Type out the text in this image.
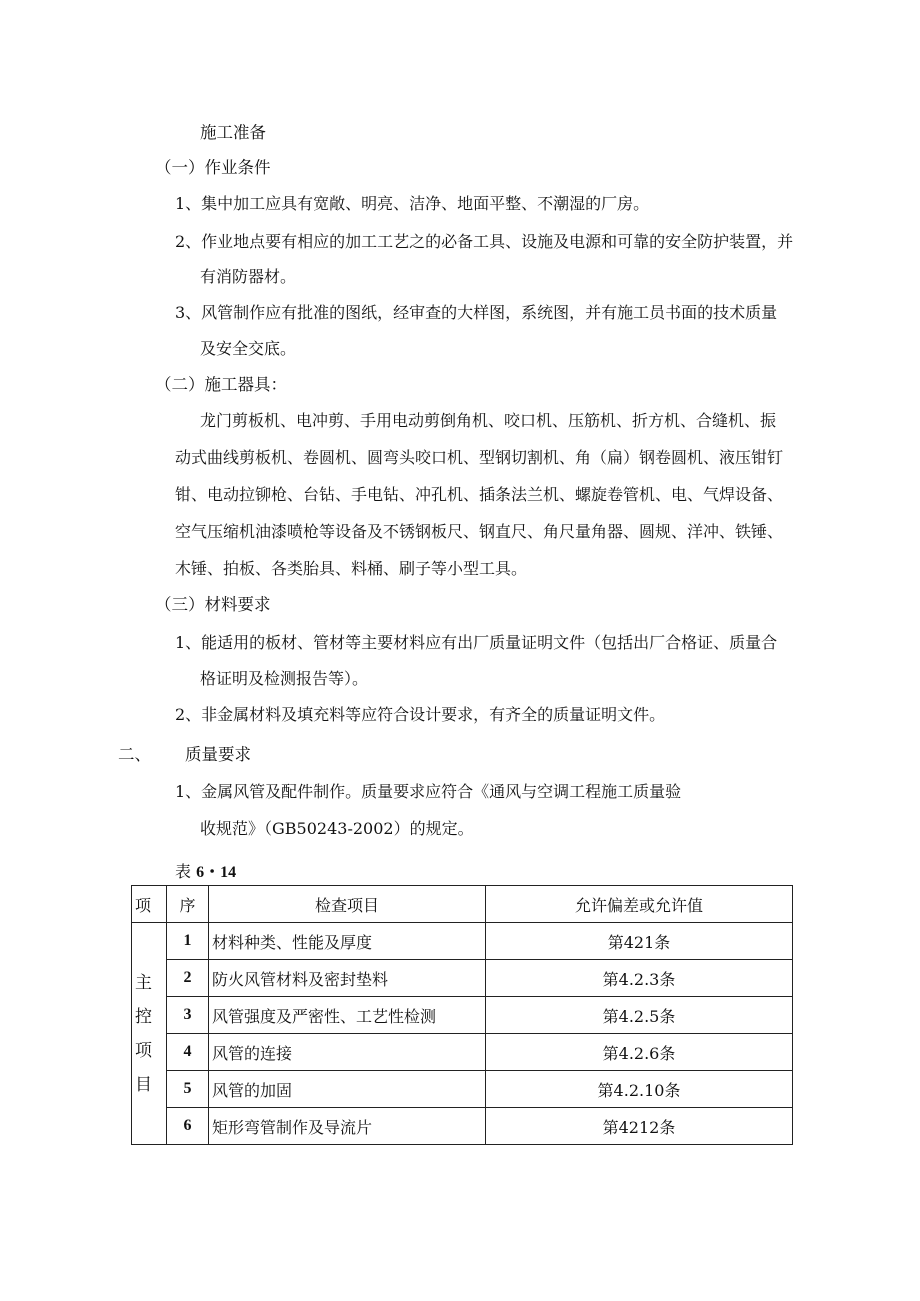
施工准备
（一）作业条件
1、集中加工应具有宽敞、明亮、洁净、地面平整、不潮湿的厂房。
2、作业地点要有相应的加工工艺之的必备工具、设施及电源和可靠的安全防护装置，并
有消防器材。
3、风管制作应有批准的图纸，经审查的大样图，系统图，并有施工员书面的技术质量
及安全交底。
（二）施工器具：
龙门剪板机、电冲剪、手用电动剪倒角机、咬口机、压筋机、折方机、合缝机、振
动式曲线剪板机、卷圆机、圆弯头咬口机、型钢切割机、角（扁）钢卷圆机、液压钳钉
钳、电动拉铆枪、台钻、手电钻、冲孔机、插条法兰机、螺旋卷管机、电、气焊设备、
空气压缩机油漆喷枪等设备及不锈钢板尺、钢直尺、角尺量角器、圆规、洋冲、铁锤、
木锤、拍板、各类胎具、料桶、刷子等小型工具。
（三）材料要求
1、能适用的板材、管材等主要材料应有出厂质量证明文件（包括出厂合格证、质量合
格证明及检测报告等）。
2、非金属材料及填充料等应符合设计要求，有齐全的质量证明文件。
二、 质量要求
1、金属风管及配件制作。质量要求应符合《通风与空调工程施工质量验
收规范》（GB50243-2002）的规定。
表 6・14
项	序	检查项目	允许偏差或允许值

主控项目	1	材料种类、性能及厚度	第421条
	2	防火风管材料及密封垫料	第4.2.3条
	3	风管强度及严密性、工艺性检测	第4.2.5条
	4	风管的连接	第4.2.6条
	5	风管的加固	第4.2.10条
	6	矩形弯管制作及导流片	第4212条
